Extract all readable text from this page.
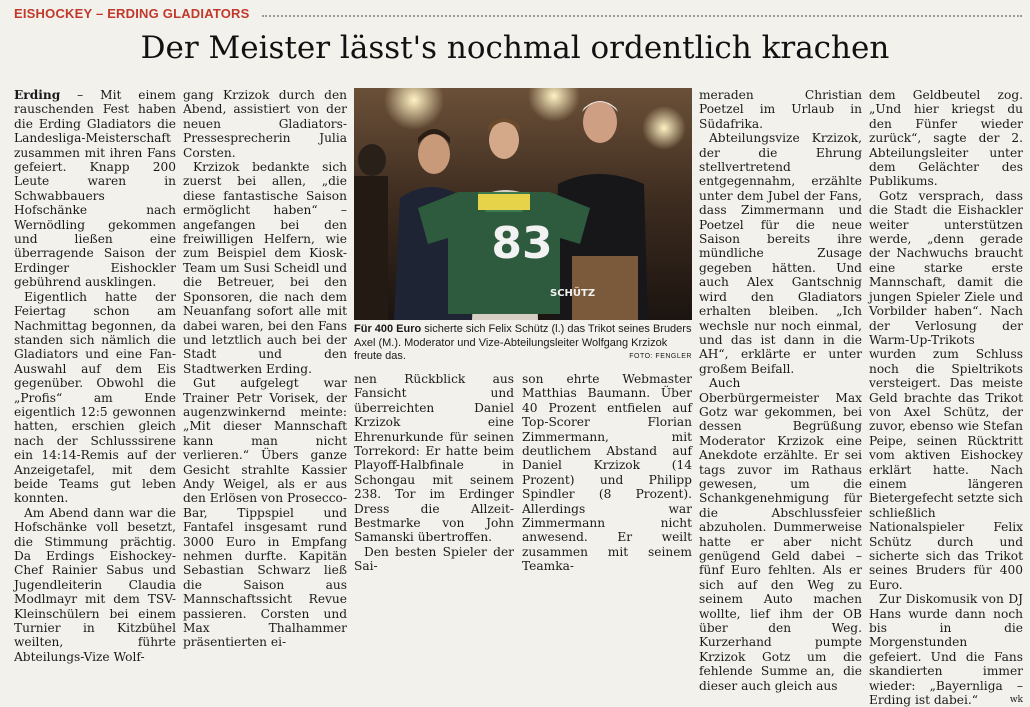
EISHOCKEY – ERDING GLADIATORS
Der Meister lässt's nochmal ordentlich krachen

Erding – Mit einem rauschenden Fest haben die Erding Gladiators die Landesliga-Meisterschaft zusammen mit ihren Fans gefeiert. Knapp 200 Leute waren in Schwabbauers Hofschänke nach Wernödling gekommen und ließen eine überragende Saison der Erdinger Eishockler gebührend ausklingen.

Eigentlich hatte der Feiertag schon am Nachmittag begonnen, da standen sich nämlich die Gladiators und eine Fan-Auswahl auf dem Eis gegenüber. Obwohl die „Profis“ am Ende eigentlich 12:5 gewonnen hatten, erschien gleich nach der Schlusssirene ein 14:14-Remis auf der Anzeigetafel, mit dem beide Teams gut leben konnten.

Am Abend dann war die Hofschänke voll besetzt, die Stimmung prächtig. Da Erdings Eishockey-Chef Rainier Sabus und Jugendleiterin Claudia Modlmayr mit dem TSV-Kleinschülern bei einem Turnier in Kitzbühel weilten, führte Abteilungs-Vize Wolf-

gang Krzizok durch den Abend, assistiert von der neuen Gladiators-Pressesprecherin Julia Corsten.

Krzizok bedankte sich zuerst bei allen, „die diese fantastische Saison ermöglicht haben“ – angefangen bei den freiwilligen Helfern, wie zum Beispiel dem Kiosk-Team um Susi Scheidl und die Betreuer, bei den Sponsoren, die nach dem Neuanfang sofort alle mit dabei waren, bei den Fans und letztlich auch bei der Stadt und den Stadtwerken Erding.

Gut aufgelegt war Trainer Petr Vorisek, der augenzwinkernd meinte: „Mit dieser Mannschaft kann man nicht verlieren.“ Übers ganze Gesicht strahlte Kassier Andy Weigel, als er aus den Erlösen von Prosecco-Bar, Tippspiel und Fantafel insgesamt rund 3000 Euro in Empfang nehmen durfte. Kapitän Sebastian Schwarz ließ die Saison aus Mannschaftssicht Revue passieren. Corsten und Max Thalhammer präsentierten ei-

83
SCHÜTZ
Für 400 Euro sicherte sich Felix Schütz (l.) das Trikot seines Bruders Axel (M.). Moderator und Vize-Abteilungsleiter Wolfgang Krzizok freute das.	FOTO: FENGLER

nen Rückblick aus Fansicht und überreichten Daniel Krzizok eine Ehrenurkunde für seinen Torrekord: Er hatte beim Playoff-Halbfinale in Schongau mit seinem 238. Tor im Erdinger Dress die Allzeit-Bestmarke von John Samanski übertroffen.

Den besten Spieler der Sai-

son ehrte Webmaster Matthias Baumann. Über 40 Prozent entfielen auf Top-Scorer Florian Zimmermann, mit deutlichem Abstand auf Daniel Krzizok (14 Prozent) und Philipp Spindler (8 Prozent). Allerdings war Zimmermann nicht anwesend. Er weilt zusammen mit seinem Teamka-

meraden Christian Poetzel im Urlaub in Südafrika.

Abteilungsvize Krzizok, der die Ehrung stellvertretend entgegennahm, erzählte unter dem Jubel der Fans, dass Zimmermann und Poetzel für die neue Saison bereits ihre mündliche Zusage gegeben hätten. Und auch Alex Gantschnig wird den Gladiators erhalten bleiben. „Ich wechsle nur noch einmal, und das ist dann in die AH“, erklärte er unter großem Beifall.

Auch Oberbürgermeister Max Gotz war gekommen, bei dessen Begrüßung Moderator Krzizok eine Anekdote erzählte. Er sei tags zuvor im Rathaus gewesen, um die Schankgenehmigung für die Abschlussfeier abzuholen. Dummerweise hatte er aber nicht genügend Geld dabei – fünf Euro fehlten. Als er sich auf den Weg zu seinem Auto machen wollte, lief ihm der OB über den Weg. Kurzerhand pumpte Krzizok Gotz um die fehlende Summe an, die dieser auch gleich aus

dem Geldbeutel zog. „Und hier kriegst du den Fünfer wieder zurück“, sagte der 2. Abteilungsleiter unter dem Gelächter des Publikums.

Gotz versprach, dass die Stadt die Eishackler weiter unterstützen werde, „denn gerade der Nachwuchs braucht eine starke erste Mannschaft, damit die jungen Spieler Ziele und Vorbilder haben“. Nach der Verlosung der Warm-Up-Trikots wurden zum Schluss noch die Spieltrikots versteigert. Das meiste Geld brachte das Trikot von Axel Schütz, der zuvor, ebenso wie Stefan Peipe, seinen Rücktritt vom aktiven Eishockey erklärt hatte. Nach einem längeren Bietergefecht setzte sich schließlich Nationalspieler Felix Schütz durch und sicherte sich das Trikot seines Bruders für 400 Euro.

Zur Diskomusik von DJ Hans wurde dann noch bis in die Morgenstunden gefeiert. Und die Fans skandierten immer wieder: „Bayernliga – Erding ist dabei.“	wk
